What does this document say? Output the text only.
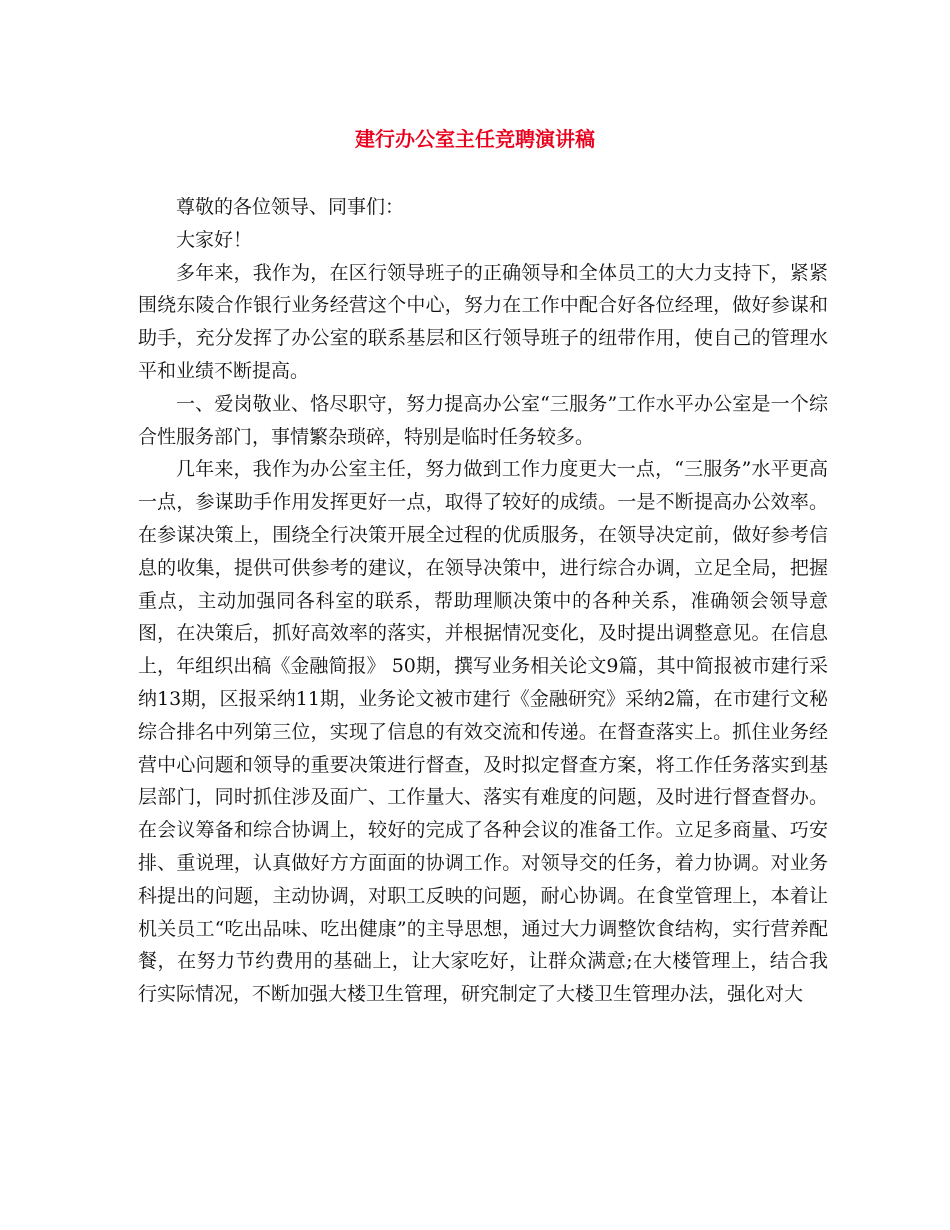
建行办公室主任竞聘演讲稿

尊敬的各位领导、同事们：

大家好！

多年来，我作为，在区行领导班子的正确领导和全体员工的大力支持下，紧紧围绕东陵合作银行业务经营这个中心，努力在工作中配合好各位经理，做好参谋和助手，充分发挥了办公室的联系基层和区行领导班子的纽带作用，使自己的管理水平和业绩不断提高。

一、爱岗敬业、恪尽职守，努力提高办公室“三服务”工作水平办公室是一个综合性服务部门，事情繁杂琐碎，特别是临时任务较多。

几年来，我作为办公室主任，努力做到工作力度更大一点，“三服务”水平更高一点，参谋助手作用发挥更好一点，取得了较好的成绩。一是不断提高办公效率。在参谋决策上，围绕全行决策开展全过程的优质服务，在领导决定前，做好参考信息的收集，提供可供参考的建议，在领导决策中，进行综合办调，立足全局，把握重点，主动加强同各科室的联系，帮助理顺决策中的各种关系，准确领会领导意图，在决策后，抓好高效率的落实，并根据情况变化，及时提出调整意见。在信息上，年组织出稿《金融简报》 50期，撰写业务相关论文9篇，其中简报被市建行采纳13期，区报采纳11期，业务论文被市建行《金融研究》采纳2篇，在市建行文秘综合排名中列第三位，实现了信息的有效交流和传递。在督查落实上。抓住业务经营中心问题和领导的重要决策进行督查，及时拟定督查方案，将工作任务落实到基层部门，同时抓住涉及面广、工作量大、落实有难度的问题，及时进行督查督办。在会议筹备和综合协调上，较好的完成了各种会议的准备工作。立足多商量、巧安排、重说理，认真做好方方面面的协调工作。对领导交的任务，着力协调。对业务科提出的问题，主动协调，对职工反映的问题，耐心协调。在食堂管理上，本着让机关员工“吃出品味、吃出健康”的主导思想，通过大力调整饮食结构，实行营养配餐，在努力节约费用的基础上，让大家吃好，让群众满意;在大楼管理上，结合我行实际情况，不断加强大楼卫生管理，研究制定了大楼卫生管理办法，强化对大
